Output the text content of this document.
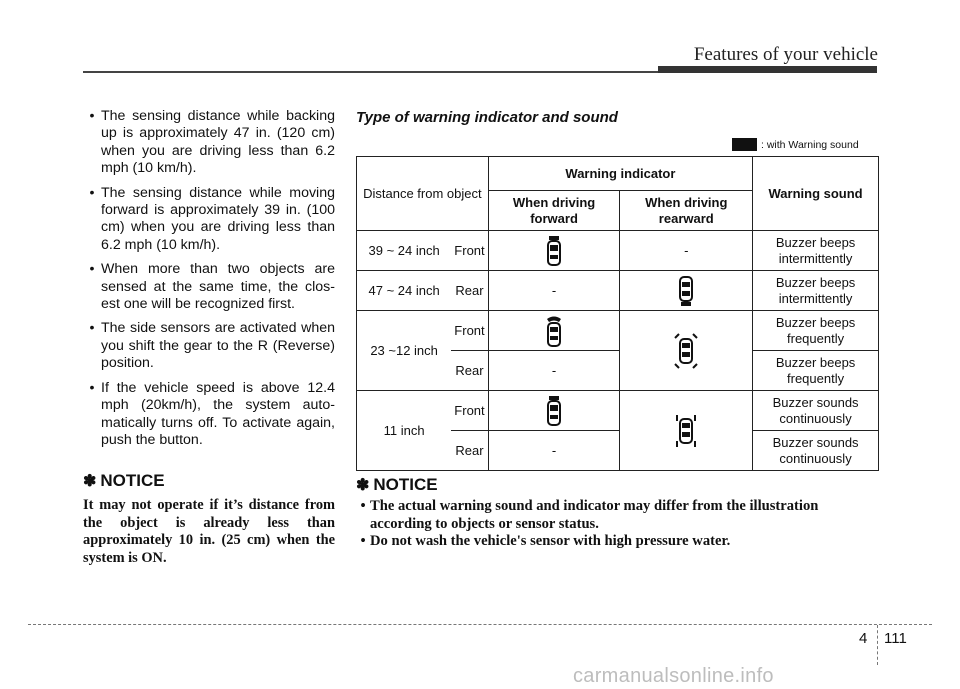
Features of your vehicle
• The sensing distance while backing up is approximately 47 in. (120 cm) when you are driving less than 6.2 mph (10 km/h).
• The sensing distance while moving forward is approximately 39 in. (100 cm) when you are driving less than 6.2 mph (10 km/h).
• When more than two objects are sensed at the same time, the clos- est one will be recognized first.
• The side sensors are activated when you shift the gear to the R (Reverse) position.
• If the vehicle speed is above 12.4 mph (20km/h), the system auto- matically turns off. To activate again, push the button.
✽ NOTICE
It may not operate if it’s distance from the object is already less than approximately 10 in. (25 cm) when the system is ON.
Type of warning indicator and sound
: with Warning sound
Distance from object		Warning indicator		Warning sound
		When driving forward	When driving rearward	
39 ~ 24 inch	Front		-	Buzzer beeps intermittently
47 ~ 24 inch	Rear	-		Buzzer beeps intermittently
23 ~12 inch	Front			Buzzer beeps frequently
	Rear	-		Buzzer beeps frequently
11 inch	Front			Buzzer sounds continuously
	Rear	-		Buzzer sounds continuously
✽ NOTICE
• The actual warning sound and indicator may differ from the illustration according to objects or sensor status.
• Do not wash the vehicle's sensor with high pressure water.
4 111
carmanualsonline.info
